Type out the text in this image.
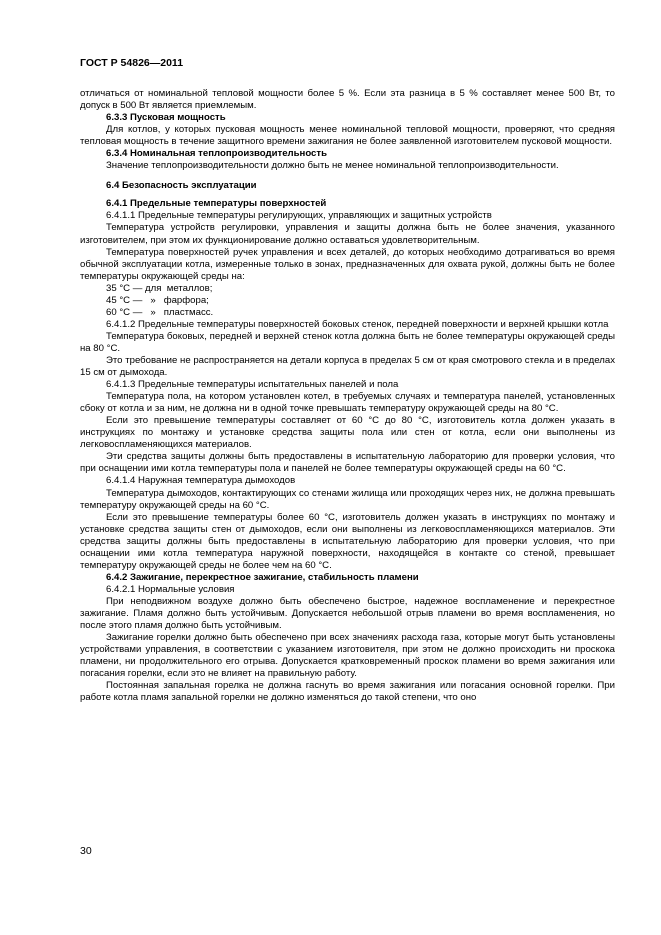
ГОСТ Р 54826—2011

отличаться от номинальной тепловой мощности более 5 %. Если эта разница в 5 % составляет менее 500 Вт, то допуск в 500 Вт является приемлемым.

6.3.3 Пусковая мощность

Для котлов, у которых пусковая мощность менее номинальной тепловой мощности, проверяют, что средняя тепловая мощность в течение защитного времени зажигания не более заявленной изготовителем пусковой мощности.

6.3.4 Номинальная теплопроизводительность

Значение теплопроизводительности должно быть не менее номинальной теплопроизводительности.

6.4 Безопасность эксплуатации

6.4.1 Предельные температуры поверхностей

6.4.1.1 Предельные температуры регулирующих, управляющих и защитных устройств

Температура устройств регулировки, управления и защиты должна быть не более значения, указанного изготовителем, при этом их функционирование должно оставаться удовлетворительным.

Температура поверхностей ручек управления и всех деталей, до которых необходимо дотрагиваться во время обычной эксплуатации котла, измеренные только в зонах, предназначенных для охвата рукой, должны быть не более температуры окружающей среды на:

35 °C — для  металлов;

45 °C —   »   фарфора;

60 °C —   »   пластмасс.

6.4.1.2 Предельные температуры поверхностей боковых стенок, передней поверхности и верхней крышки котла

Температура боковых, передней и верхней стенок котла должна быть не более температуры окружающей среды на 80 °C.

Это требование не распространяется на детали корпуса в пределах 5 см от края смотрового стекла и в пределах 15 см от дымохода.

6.4.1.3 Предельные температуры испытательных панелей и пола

Температура пола, на котором установлен котел, в требуемых случаях и температура панелей, установленных сбоку от котла и за ним, не должна ни в одной точке превышать температуру окружающей среды на 80 °C.

Если это превышение температуры составляет от 60 °C до 80 °C, изготовитель котла должен указать в инструкциях по монтажу и установке средства защиты пола или стен от котла, если они выполнены из легковоспламеняющихся материалов.

Эти средства защиты должны быть предоставлены в испытательную лабораторию для проверки условия, что при оснащении ими котла температуры пола и панелей не более температуры окружающей среды на 60 °C.

6.4.1.4 Наружная температура дымоходов

Температура дымоходов, контактирующих со стенами жилища или проходящих через них, не должна превышать температуру окружающей среды на 60 °C.

Если это превышение температуры более 60 °C, изготовитель должен указать в инструкциях по монтажу и установке средства защиты стен от дымоходов, если они выполнены из легковоспламеняющихся материалов. Эти средства защиты должны быть предоставлены в испытательную лабораторию для проверки условия, что при оснащении ими котла температура наружной поверхности, находящейся в контакте со стеной, превышает температуру окружающей среды не более чем на 60 °C.

6.4.2 Зажигание, перекрестное зажигание, стабильность пламени

6.4.2.1 Нормальные условия

При неподвижном воздухе должно быть обеспечено быстрое, надежное воспламенение и перекрестное зажигание. Пламя должно быть устойчивым. Допускается небольшой отрыв пламени во время воспламенения, но после этого пламя должно быть устойчивым.

Зажигание горелки должно быть обеспечено при всех значениях расхода газа, которые могут быть установлены устройствами управления, в соответствии с указанием изготовителя, при этом не должно происходить ни проскока пламени, ни продолжительного его отрыва. Допускается кратковременный проскок пламени во время зажигания или погасания горелки, если это не влияет на правильную работу.

Постоянная запальная горелка не должна гаснуть во время зажигания или погасания основной горелки. При работе котла пламя запальной горелки не должно изменяться до такой степени, что оно

30
